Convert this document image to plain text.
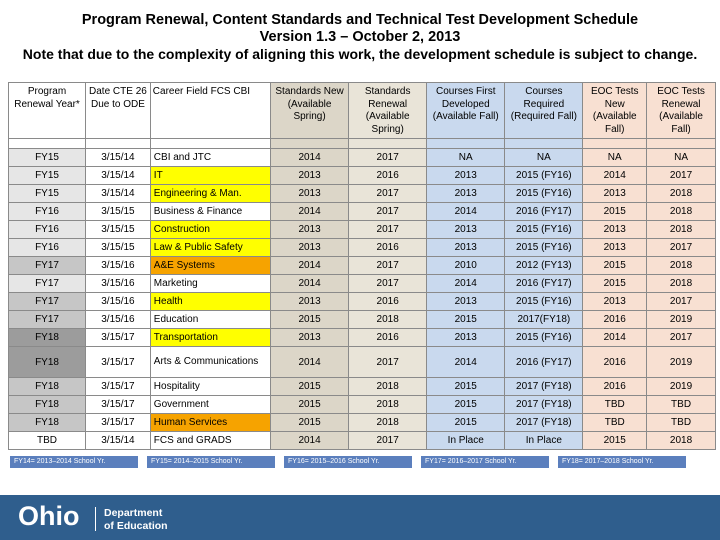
Program Renewal, Content Standards and Technical Test Development Schedule
Version 1.3 – October 2, 2013
Note that due to the complexity of aligning this work, the development schedule is subject to change.
Program Renewal Year*	Date CTE 26 Due to ODE	Career Field FCS CBI	Standards New (Available Spring)	Standards Renewal (Available Spring)	Courses First Developed (Available Fall)	Courses Required (Required Fall)	EOC Tests New (Available Fall)	EOC Tests Renewal (Available Fall)

FY15	3/15/14	CBI and JTC	2014	2017	NA	NA	NA	NA
FY15	3/15/14	IT	2013	2016	2013	2015 (FY16)	2014	2017
FY15	3/15/14	Engineering & Man.	2013	2017	2013	2015 (FY16)	2013	2018
FY16	3/15/15	Business & Finance	2014	2017	2014	2016 (FY17)	2015	2018
FY16	3/15/15	Construction	2013	2017	2013	2015 (FY16)	2013	2018
FY16	3/15/15	Law & Public Safety	2013	2016	2013	2015 (FY16)	2013	2017
FY17	3/15/16	A&E Systems	2014	2017	2010	2012 (FY13)	2015	2018
FY17	3/15/16	Marketing	2014	2017	2014	2016 (FY17)	2015	2018
FY17	3/15/16	Health	2013	2016	2013	2015 (FY16)	2013	2017
FY17	3/15/16	Education	2015	2018	2015	2017(FY18)	2016	2019
FY18	3/15/17	Transportation	2013	2016	2013	2015 (FY16)	2014	2017
FY18	3/15/17	Arts & Communications	2014	2017	2014	2016 (FY17)	2016	2019
FY18	3/15/17	Hospitality	2015	2018	2015	2017 (FY18)	2016	2019
FY18	3/15/17	Government	2015	2018	2015	2017 (FY18)	TBD	TBD
FY18	3/15/17	Human Services	2015	2018	2015	2017 (FY18)	TBD	TBD
TBD	3/15/14	FCS and GRADS	2014	2017	In Place	In Place	2015	2018
FY14= 2013–2014 School Yr.	FY15= 2014–2015 School Yr.	FY16= 2015–2016 School Yr.	FY17= 2016–2017 School Yr.	FY18= 2017–2018 School Yr.
Ohio Department
of Education
